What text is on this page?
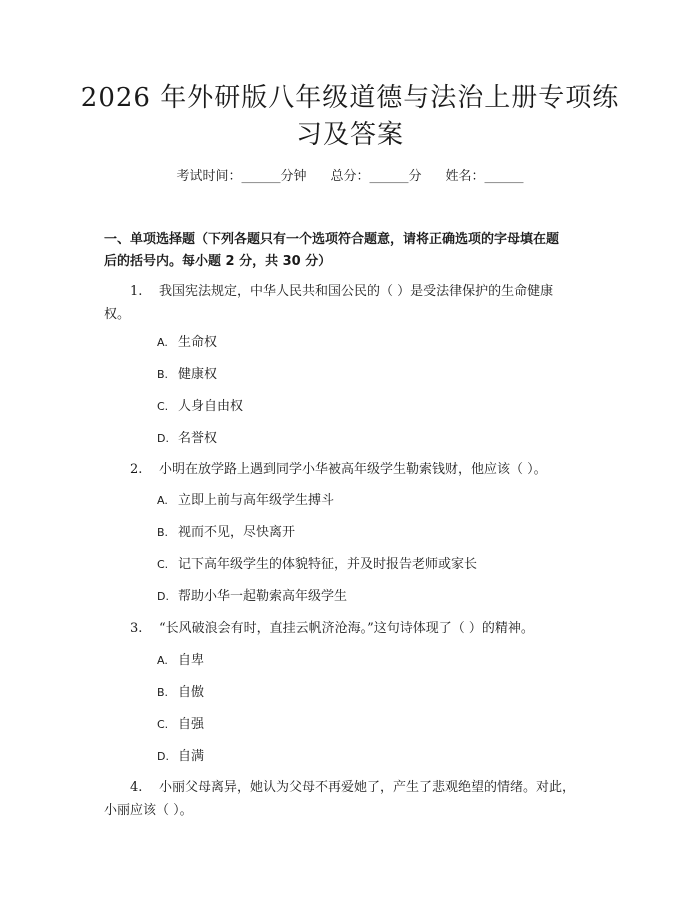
2026 年外研版八年级道德与法治上册专项练
习及答案
考试时间：______分钟 总分：______分 姓名：______
一、单项选择题（下列各题只有一个选项符合题意，请将正确选项的字母填在题
后的括号内。每小题 2 分，共 30 分）
1. 我国宪法规定，中华人民共和国公民的（ ）是受法律保护的生命健康
权。
A. 生命权
B. 健康权
C. 人身自由权
D. 名誉权
2. 小明在放学路上遇到同学小华被高年级学生勒索钱财，他应该（ ）。
A. 立即上前与高年级学生搏斗
B. 视而不见，尽快离开
C. 记下高年级学生的体貌特征，并及时报告老师或家长
D. 帮助小华一起勒索高年级学生
3. “长风破浪会有时，直挂云帆济沧海。”这句诗体现了（ ）的精神。
A. 自卑
B. 自傲
C. 自强
D. 自满
4. 小丽父母离异，她认为父母不再爱她了，产生了悲观绝望的情绪。对此，
小丽应该（ ）。
